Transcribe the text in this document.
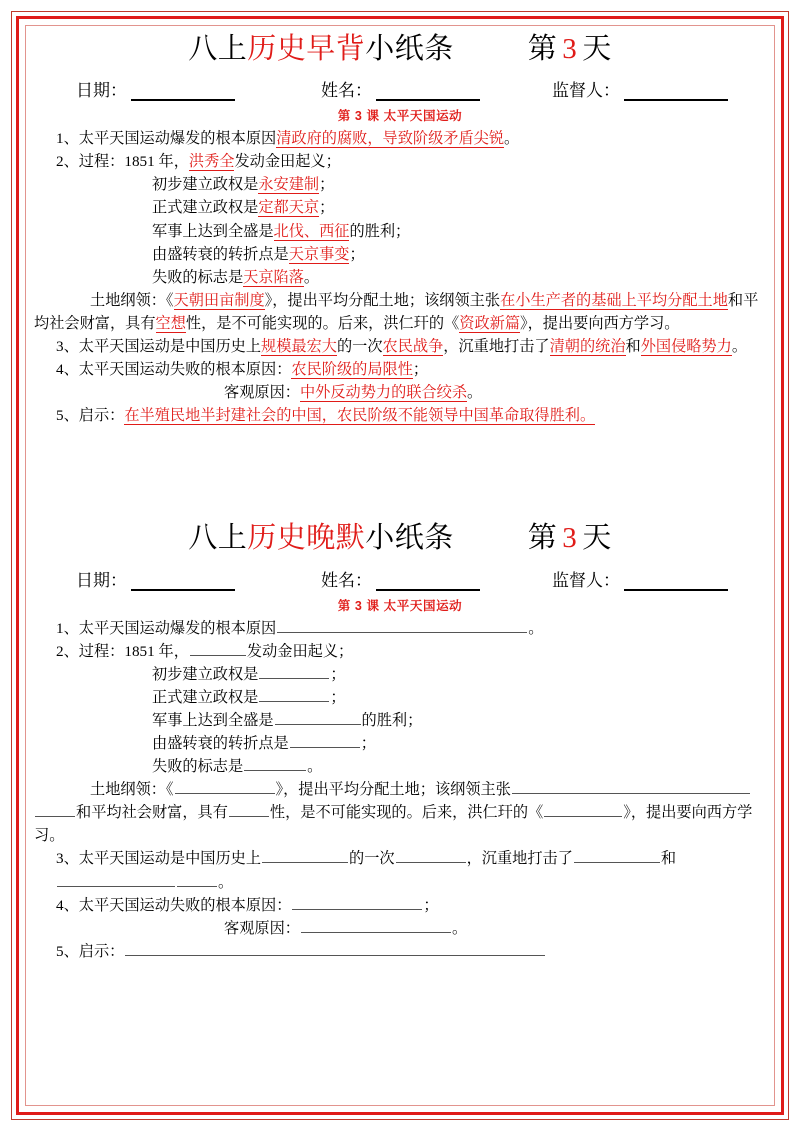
八上历史早背小纸条	第 3 天
日期：	姓名：	监督人：
第 3 课 太平天国运动
1、太平天国运动爆发的根本原因清政府的腐败，导致阶级矛盾尖锐。
2、过程：1851 年，洪秀全发动金田起义；
初步建立政权是永安建制；
正式建立政权是定都天京；
军事上达到全盛是北伐、西征的胜利；
由盛转衰的转折点是天京事变；
失败的标志是天京陷落。
土地纲领：《天朝田亩制度》，提出平均分配土地；该纲领主张在小生产者的基础上平均分配土地和平均社会财富，具有空想性，是不可能实现的。后来，洪仁玕的《资政新篇》，提出要向西方学习。
3、太平天国运动是中国历史上规模最宏大的一次农民战争，沉重地打击了清朝的统治和外国侵略势力。
4、太平天国运动失败的根本原因：农民阶级的局限性；
客观原因：中外反动势力的联合绞杀。
5、启示：在半殖民地半封建社会的中国，农民阶级不能领导中国革命取得胜利。
八上历史晚默小纸条	第 3 天
日期：	姓名：	监督人：
第 3 课 太平天国运动
1、太平天国运动爆发的根本原因	。
2、过程：1851 年，	发动金田起义；
初步建立政权是	；
正式建立政权是	；
军事上达到全盛是	的胜利；
由盛转衰的转折点是	；
失败的标志是	。
土地纲领：《	》，提出平均分配土地；该纲领主张和平均社会财富，具有	性，是不可能实现的。后来，洪仁玕的《	》，提出要向西方学习。
3、太平天国运动是中国历史上	的一次	，沉重地打击了	和。
4、太平天国运动失败的根本原因：	；
客观原因：	。
5、启示：
